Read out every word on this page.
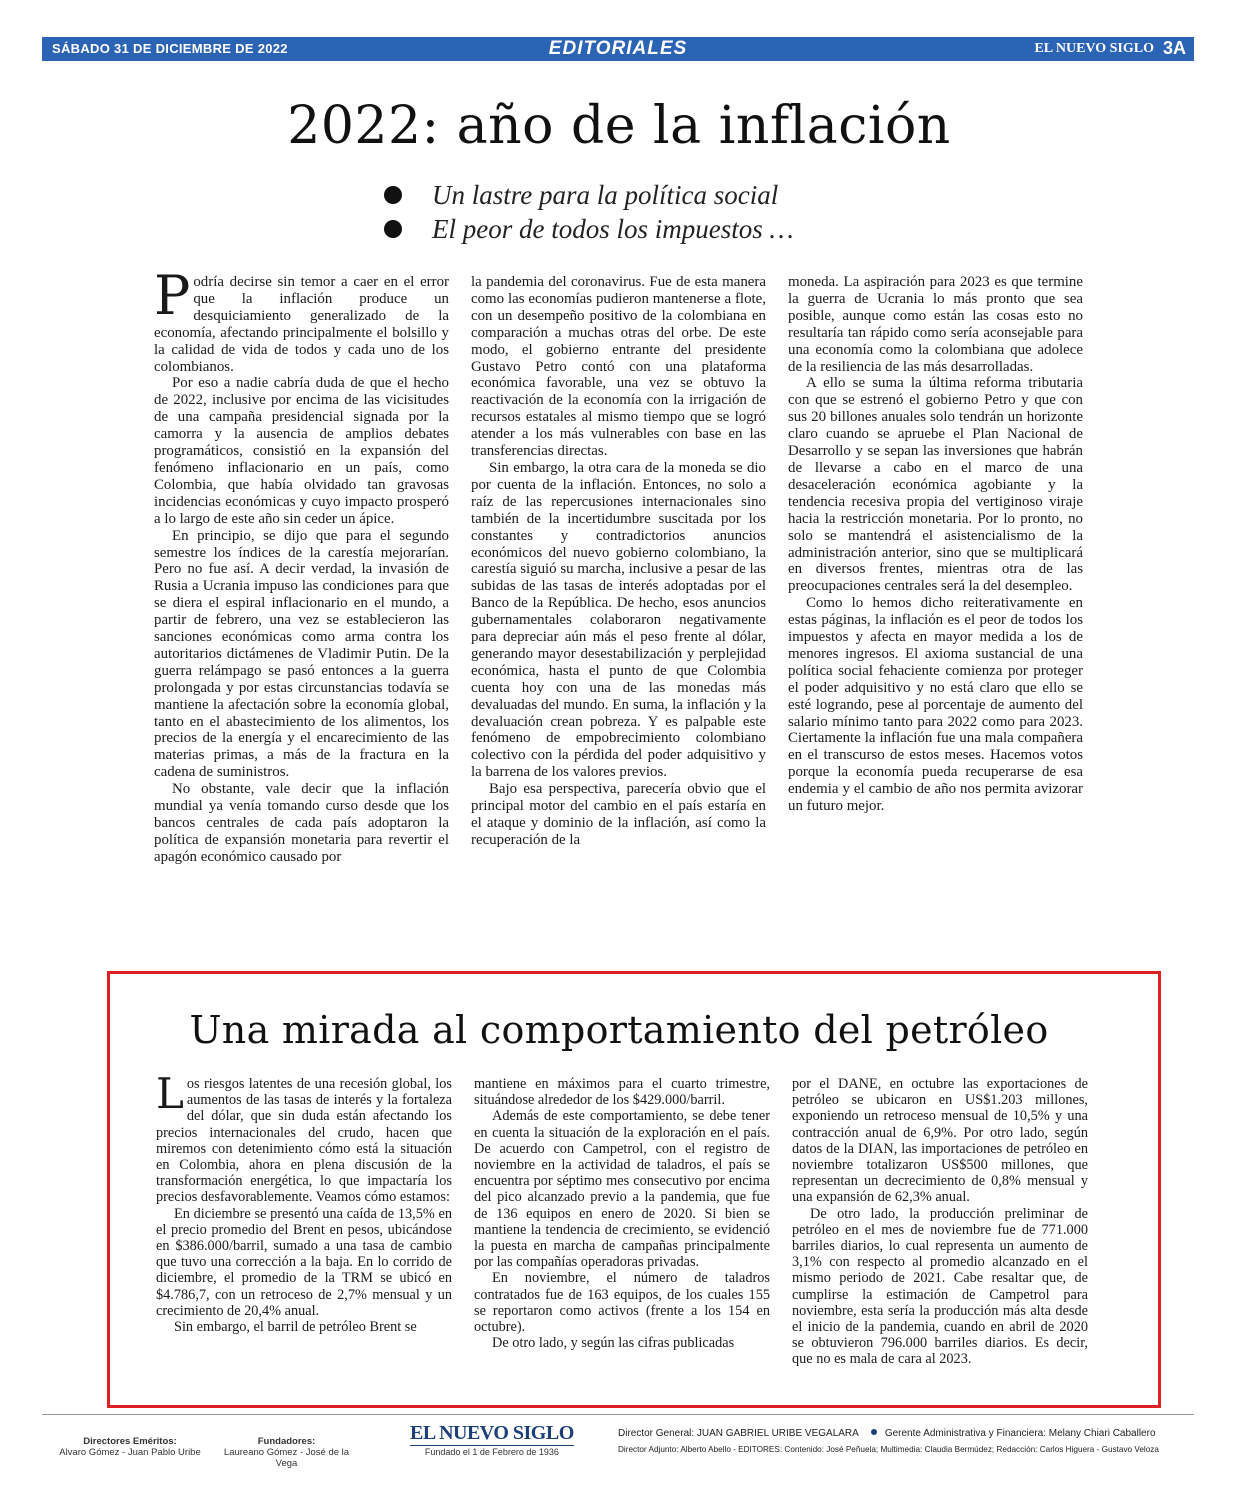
SÁBADO 31 DE DICIEMBRE DE 2022	EDITORIALES	EL NUEVO SIGLO 3A
2022: año de la inflación
Un lastre para la política social
El peor de todos los impuestos …

Podría decirse sin temor a caer en el error que la inflación produce un desquiciamiento generalizado de la economía, afectando principalmente el bolsillo y la calidad de vida de todos y cada uno de los colombianos.

Por eso a nadie cabría duda de que el hecho de 2022, inclusive por encima de las vicisitudes de una campaña presidencial signada por la camorra y la ausencia de amplios debates programáticos, consistió en la expansión del fenómeno inflacionario en un país, como Colombia, que había olvidado tan gravosas incidencias económicas y cuyo impacto prosperó a lo largo de este año sin ceder un ápice.

En principio, se dijo que para el segundo semestre los índices de la carestía mejorarían. Pero no fue así. A decir verdad, la invasión de Rusia a Ucrania impuso las condiciones para que se diera el espiral inflacionario en el mundo, a partir de febrero, una vez se establecieron las sanciones económicas como arma contra los autoritarios dictámenes de Vladimir Putin. De la guerra relámpago se pasó entonces a la guerra prolongada y por estas circunstancias todavía se mantiene la afectación sobre la economía global, tanto en el abastecimiento de los alimentos, los precios de la energía y el encarecimiento de las materias primas, a más de la fractura en la cadena de suministros.

No obstante, vale decir que la inflación mundial ya venía tomando curso desde que los bancos centrales de cada país adoptaron la política de expansión monetaria para revertir el apagón económico causado por

la pandemia del coronavirus. Fue de esta manera como las economías pudieron mantenerse a flote, con un desempeño positivo de la colombiana en comparación a muchas otras del orbe. De este modo, el gobierno entrante del presidente Gustavo Petro contó con una plataforma económica favorable, una vez se obtuvo la reactivación de la economía con la irrigación de recursos estatales al mismo tiempo que se logró atender a los más vulnerables con base en las transferencias directas.

Sin embargo, la otra cara de la moneda se dio por cuenta de la inflación. Entonces, no solo a raíz de las repercusiones internacionales sino también de la incertidumbre suscitada por los constantes y contradictorios anuncios económicos del nuevo gobierno colombiano, la carestía siguió su marcha, inclusive a pesar de las subidas de las tasas de interés adoptadas por el Banco de la República. De hecho, esos anuncios gubernamentales colaboraron negativamente para depreciar aún más el peso frente al dólar, generando mayor desestabilización y perplejidad económica, hasta el punto de que Colombia cuenta hoy con una de las monedas más devaluadas del mundo. En suma, la inflación y la devaluación crean pobreza. Y es palpable este fenómeno de empobrecimiento colombiano colectivo con la pérdida del poder adquisitivo y la barrena de los valores previos.

Bajo esa perspectiva, parecería obvio que el principal motor del cambio en el país estaría en el ataque y dominio de la inflación, así como la recuperación de la

moneda. La aspiración para 2023 es que termine la guerra de Ucrania lo más pronto que sea posible, aunque como están las cosas esto no resultaría tan rápido como sería aconsejable para una economía como la colombiana que adolece de la resiliencia de las más desarrolladas.

A ello se suma la última reforma tributaria con que se estrenó el gobierno Petro y que con sus 20 billones anuales solo tendrán un horizonte claro cuando se apruebe el Plan Nacional de Desarrollo y se sepan las inversiones que habrán de llevarse a cabo en el marco de una desaceleración económica agobiante y la tendencia recesiva propia del vertiginoso viraje hacia la restricción monetaria. Por lo pronto, no solo se mantendrá el asistencialismo de la administración anterior, sino que se multiplicará en diversos frentes, mientras otra de las preocupaciones centrales será la del desempleo.

Como lo hemos dicho reiterativamente en estas páginas, la inflación es el peor de todos los impuestos y afecta en mayor medida a los de menores ingresos. El axioma sustancial de una política social fehaciente comienza por proteger el poder adquisitivo y no está claro que ello se esté logrando, pese al porcentaje de aumento del salario mínimo tanto para 2022 como para 2023. Ciertamente la inflación fue una mala compañera en el transcurso de estos meses. Hacemos votos porque la economía pueda recuperarse de esa endemia y el cambio de año nos permita avizorar un futuro mejor.

Una mirada al comportamiento del petróleo

Los riesgos latentes de una recesión global, los aumentos de las tasas de interés y la fortaleza del dólar, que sin duda están afectando los precios internacionales del crudo, hacen que miremos con detenimiento cómo está la situación en Colombia, ahora en plena discusión de la transformación energética, lo que impactaría los precios desfavorablemente. Veamos cómo estamos:

En diciembre se presentó una caída de 13,5% en el precio promedio del Brent en pesos, ubicándose en $386.000/barril, sumado a una tasa de cambio que tuvo una corrección a la baja. En lo corrido de diciembre, el promedio de la TRM se ubicó en $4.786,7, con un retroceso de 2,7% mensual y un crecimiento de 20,4% anual.

Sin embargo, el barril de petróleo Brent se

mantiene en máximos para el cuarto trimestre, situándose alrededor de los $429.000/barril.

Además de este comportamiento, se debe tener en cuenta la situación de la exploración en el país. De acuerdo con Campetrol, con el registro de noviembre en la actividad de taladros, el país se encuentra por séptimo mes consecutivo por encima del pico alcanzado previo a la pandemia, que fue de 136 equipos en enero de 2020. Si bien se mantiene la tendencia de crecimiento, se evidenció la puesta en marcha de campañas principalmente por las compañías operadoras privadas.

En noviembre, el número de taladros contratados fue de 163 equipos, de los cuales 155 se reportaron como activos (frente a los 154 en octubre).

De otro lado, y según las cifras publicadas

por el DANE, en octubre las exportaciones de petróleo se ubicaron en US$1.203 millones, exponiendo un retroceso mensual de 10,5% y una contracción anual de 6,9%. Por otro lado, según datos de la DIAN, las importaciones de petróleo en noviembre totalizaron US$500 millones, que representan un decrecimiento de 0,8% mensual y una expansión de 62,3% anual.

De otro lado, la producción preliminar de petróleo en el mes de noviembre fue de 771.000 barriles diarios, lo cual representa un aumento de 3,1% con respecto al promedio alcanzado en el mismo periodo de 2021. Cabe resaltar que, de cumplirse la estimación de Campetrol para noviembre, esta sería la producción más alta desde el inicio de la pandemia, cuando en abril de 2020 se obtuvieron 796.000 barriles diarios. Es decir, que no es mala de cara al 2023.

Directores Eméritos:
Alvaro Gómez - Juan Pablo Uribe
Fundadores:
Laureano Gómez - José de la Vega
EL NUEVO SIGLO
Fundado el 1 de Febrero de 1936
Director General: JUAN GABRIEL URIBE VEGALARA	Gerente Administrativa y Financiera: Melany Chiari Caballero
Director Adjunto: Alberto Abello - EDITORES: Contenido: José Peñuela; Multimedia: Claudia Bermúdez; Redacción: Carlos Higuera - Gustavo Veloza
